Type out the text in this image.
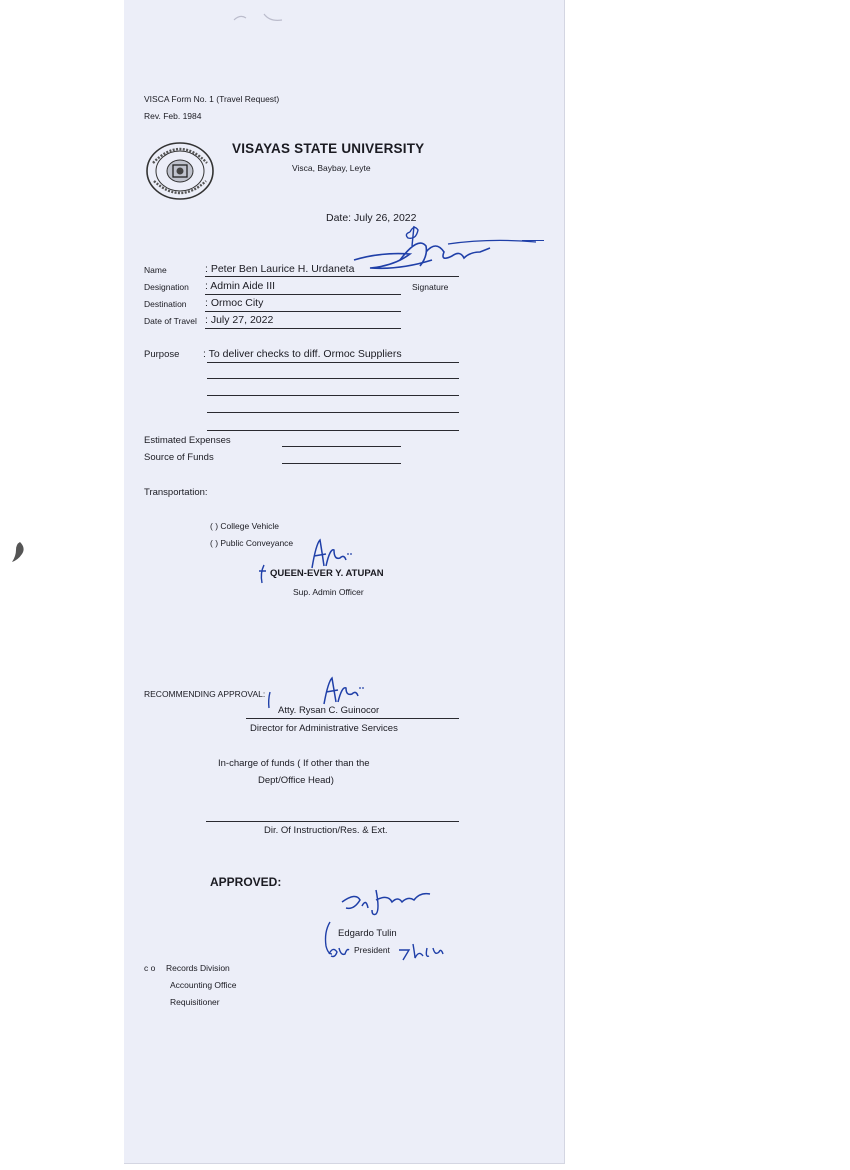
VISCA Form No. 1 (Travel Request)
Rev. Feb. 1984
VISAYAS STATE UNIVERSITY
Visca, Baybay, Leyte
Date: July 26, 2022
Name	: Peter Ben Laurice H. Urdaneta
Designation : Admin Aide III	Signature
Destination : Ormoc City
Date of Travel : July 27, 2022
Purpose : To deliver checks to diff. Ormoc Suppliers
Estimated Expenses
Source of Funds
Transportation:
( ) College Vehicle
( ) Public Conveyance
QUEEN-EVER Y. ATUPAN
Sup. Admin Officer
RECOMMENDING APPROVAL:
Atty. Rysan C. Guinocor
Director for Administrative Services
In-charge of funds ( If other than the
Dept/Office Head)
Dir. Of Instruction/Res. & Ext.
APPROVED:
Edgardo Tulin
President
c o Records Division
Accounting Office
Requisitioner
